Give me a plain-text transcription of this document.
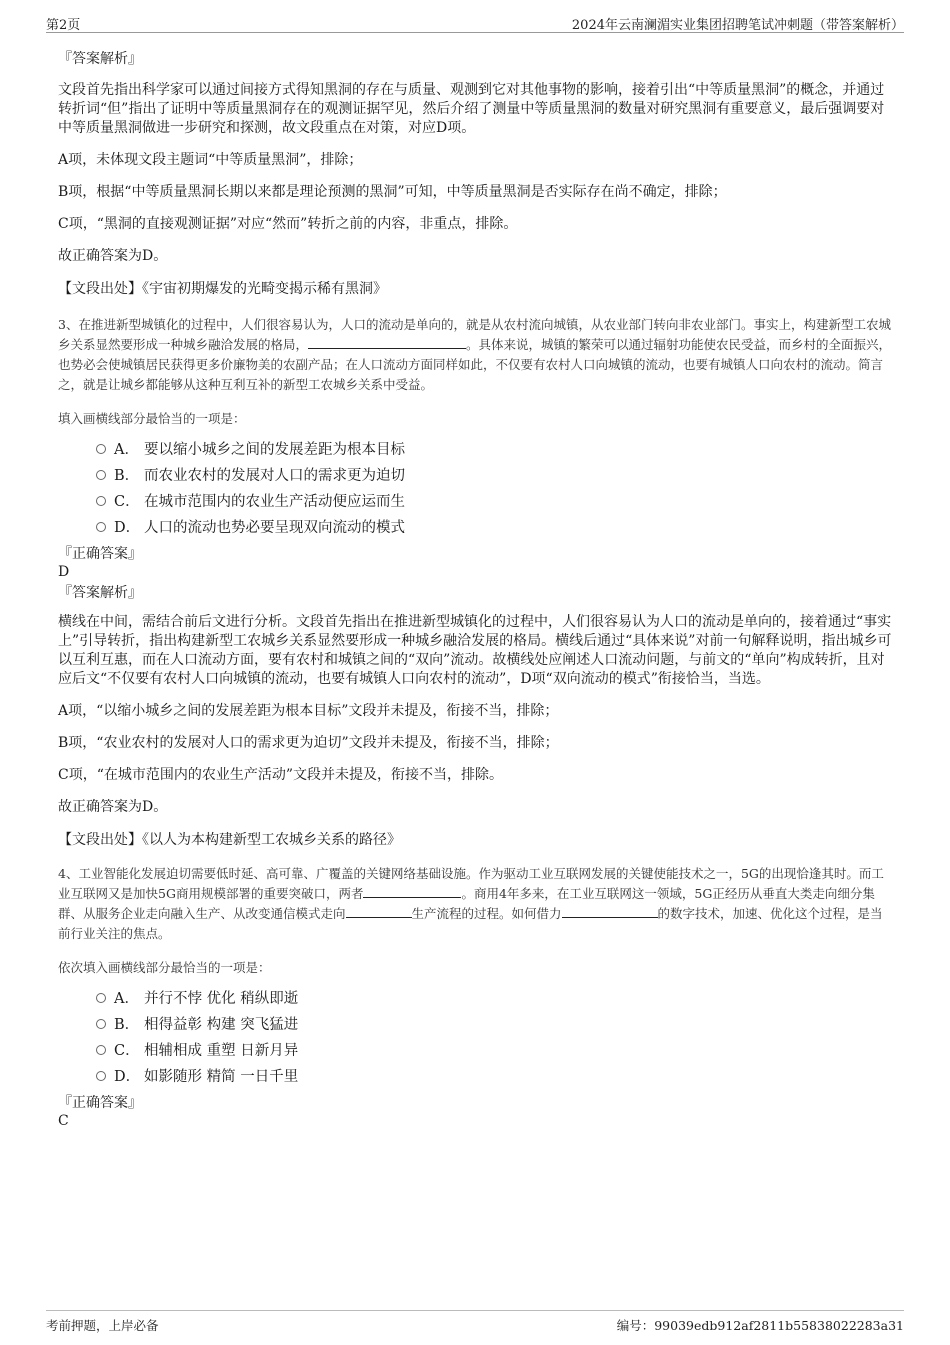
第2页	2024年云南澜湄实业集团招聘笔试冲刺题（带答案解析）
『答案解析』

文段首先指出科学家可以通过间接方式得知黑洞的存在与质量、观测到它对其他事物的影响，接着引出“中等质量黑洞”的概念，并通过转折词“但”指出了证明中等质量黑洞存在的观测证据罕见，然后介绍了测量中等质量黑洞的数量对研究黑洞有重要意义，最后强调要对中等质量黑洞做进一步研究和探测，故文段重点在对策，对应D项。

A项，未体现文段主题词“中等质量黑洞”，排除；

B项，根据“中等质量黑洞长期以来都是理论预测的黑洞”可知，中等质量黑洞是否实际存在尚不确定，排除；

C项，“黑洞的直接观测证据”对应“然而”转折之前的内容，非重点，排除。

故正确答案为D。

【文段出处】《宇宙初期爆发的光畸变揭示稀有黑洞》

3、在推进新型城镇化的过程中，人们很容易认为，人口的流动是单向的，就是从农村流向城镇，从农业部门转向非农业部门。事实上，构建新型工农城乡关系显然要形成一种城乡融洽发展的格局，	。具体来说，城镇的繁荣可以通过辐射功能使农民受益，而乡村的全面振兴，也势必会使城镇居民获得更多价廉物美的农副产品；在人口流动方面同样如此，不仅要有农村人口向城镇的流动，也要有城镇人口向农村的流动。简言之，就是让城乡都能够从这种互利互补的新型工农城乡关系中受益。

填入画横线部分最恰当的一项是：

A． 要以缩小城乡之间的发展差距为根本目标
B． 而农业农村的发展对人口的需求更为迫切
C． 在城市范围内的农业生产活动便应运而生
D． 人口的流动也势必要呈现双向流动的模式
『正确答案』
D
『答案解析』

横线在中间，需结合前后文进行分析。文段首先指出在推进新型城镇化的过程中，人们很容易认为人口的流动是单向的，接着通过“事实上”引导转折，指出构建新型工农城乡关系显然要形成一种城乡融洽发展的格局。横线后通过“具体来说”对前一句解释说明，指出城乡可以互利互惠，而在人口流动方面，要有农村和城镇之间的“双向”流动。故横线处应阐述人口流动问题，与前文的“单向”构成转折，且对应后文“不仅要有农村人口向城镇的流动，也要有城镇人口向农村的流动”，D项“双向流动的模式”衔接恰当，当选。

A项，“以缩小城乡之间的发展差距为根本目标”文段并未提及，衔接不当，排除；

B项，“农业农村的发展对人口的需求更为迫切”文段并未提及，衔接不当，排除；

C项，“在城市范围内的农业生产活动”文段并未提及，衔接不当，排除。

故正确答案为D。

【文段出处】《以人为本构建新型工农城乡关系的路径》

4、工业智能化发展迫切需要低时延、高可靠、广覆盖的关键网络基础设施。作为驱动工业互联网发展的关键使能技术之一，5G的出现恰逢其时。而工业互联网又是加快5G商用规模部署的重要突破口，两者	。商用4年多来，在工业互联网这一领域，5G正经历从垂直大类走向细分集群、从服务企业走向融入生产、从改变通信模式走向	生产流程的过程。如何借力	的数字技术，加速、优化这个过程，是当前行业关注的焦点。

依次填入画横线部分最恰当的一项是：

A． 并行不悖 优化 稍纵即逝
B． 相得益彰 构建 突飞猛进
C． 相辅相成 重塑 日新月异
D． 如影随形 精简 一日千里
『正确答案』
C
考前押题，上岸必备	编号：99039edb912af2811b55838022283a31
